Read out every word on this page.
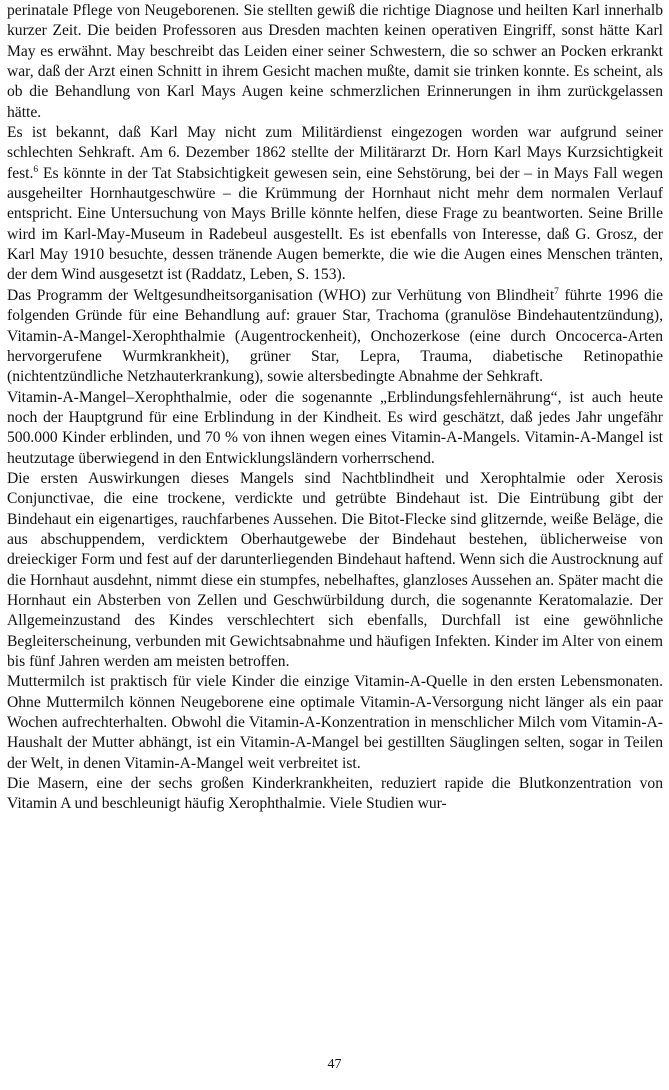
perinatale Pflege von Neugeborenen. Sie stellten gewiß die richtige Diagnose und heilten Karl innerhalb kurzer Zeit. Die beiden Professoren aus Dresden machten keinen operativen Eingriff, sonst hätte Karl May es erwähnt. May beschreibt das Leiden einer seiner Schwestern, die so schwer an Pocken erkrankt war, daß der Arzt einen Schnitt in ihrem Gesicht machen mußte, damit sie trinken konnte. Es scheint, als ob die Behandlung von Karl Mays Augen keine schmerzlichen Erinnerungen in ihm zurückgelassen hätte.

Es ist bekannt, daß Karl May nicht zum Militärdienst eingezogen worden war aufgrund seiner schlechten Sehkraft. Am 6. Dezember 1862 stellte der Militärarzt Dr. Horn Karl Mays Kurzsichtigkeit fest.$^6$ Es könnte in der Tat Stabsichtigkeit gewesen sein, eine Sehstörung, bei der – in Mays Fall wegen ausgeheilter Hornhautgeschwüre – die Krümmung der Hornhaut nicht mehr dem normalen Verlauf entspricht. Eine Untersuchung von Mays Brille könnte helfen, diese Frage zu beantworten. Seine Brille wird im Karl-May-Museum in Radebeul ausgestellt. Es ist ebenfalls von Interesse, daß G. Grosz, der Karl May 1910 besuchte, dessen tränende Augen bemerkte, die wie die Augen eines Menschen tränten, der dem Wind ausgesetzt ist (Raddatz, Leben, S. 153).

Das Programm der Weltgesundheitsorganisation (WHO) zur Verhütung von Blindheit$^7$ führte 1996 die folgenden Gründe für eine Behandlung auf: grauer Star, Trachoma (granulöse Bindehautentzündung), Vitamin-A-Mangel-Xerophthalmie (Augentrockenheit), Onchozerkose (eine durch Oncocerca-Arten hervorgerufene Wurmkrankheit), grüner Star, Lepra, Trauma, diabetische Retinopathie (nichtentzündliche Netzhauterkrankung), sowie altersbedingte Abnahme der Sehkraft.

Vitamin-A-Mangel–Xerophthalmie, oder die sogenannte „Erblindungsfehlernährung“, ist auch heute noch der Hauptgrund für eine Erblindung in der Kindheit. Es wird geschätzt, daß jedes Jahr ungefähr 500.000 Kinder erblinden, und 70 % von ihnen wegen eines Vitamin-A-Mangels. Vitamin-A-Mangel ist heutzutage überwiegend in den Entwicklungsländern vorherrschend.

Die ersten Auswirkungen dieses Mangels sind Nachtblindheit und Xerophtalmie oder Xerosis Conjunctivae, die eine trockene, verdickte und getrübte Bindehaut ist. Die Eintrübung gibt der Bindehaut ein eigenartiges, rauchfarbenes Aussehen. Die Bitot-Flecke sind glitzernde, weiße Beläge, die aus abschuppendem, verdicktem Oberhautgewebe der Bindehaut bestehen, üblicherweise von dreieckiger Form und fest auf der darunterliegenden Bindehaut haftend. Wenn sich die Austrocknung auf die Hornhaut ausdehnt, nimmt diese ein stumpfes, nebelhaftes, glanzloses Aussehen an. Später macht die Hornhaut ein Absterben von Zellen und Geschwürbildung durch, die sogenannte Keratomalazie. Der Allgemeinzustand des Kindes verschlechtert sich ebenfalls, Durchfall ist eine gewöhnliche Begleiterscheinung, verbunden mit Gewichtsabnahme und häufigen Infekten. Kinder im Alter von einem bis fünf Jahren werden am meisten betroffen.

Muttermilch ist praktisch für viele Kinder die einzige Vitamin-A-Quelle in den ersten Lebensmonaten. Ohne Muttermilch können Neugeborene eine optimale Vitamin-A-Versorgung nicht länger als ein paar Wochen aufrechterhalten. Obwohl die Vitamin-A-Konzentration in menschlicher Milch vom Vitamin-A-Haushalt der Mutter abhängt, ist ein Vitamin-A-Mangel bei gestillten Säuglingen selten, sogar in Teilen der Welt, in denen Vitamin-A-Mangel weit verbreitet ist.

Die Masern, eine der sechs großen Kinderkrankheiten, reduziert rapide die Blutkonzentration von Vitamin A und beschleunigt häufig Xerophthalmie. Viele Studien wur-

47
